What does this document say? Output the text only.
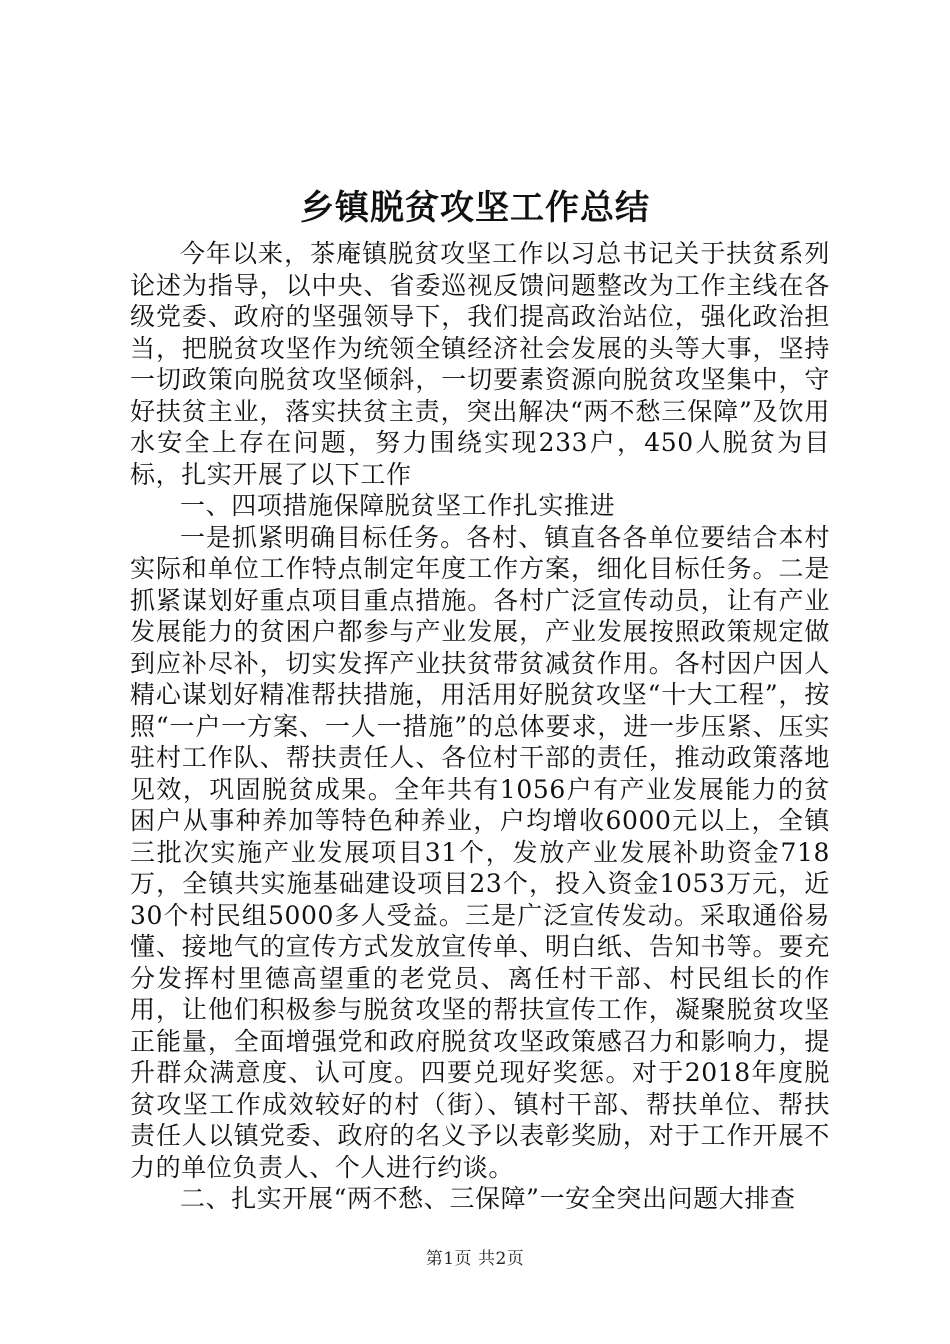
乡镇脱贫攻坚工作总结

今年以来，茶庵镇脱贫攻坚工作以习总书记关于扶贫系列论述为指导，以中央、省委巡视反馈问题整改为工作主线在各级党委、政府的坚强领导下，我们提高政治站位，强化政治担当，把脱贫攻坚作为统领全镇经济社会发展的头等大事，坚持一切政策向脱贫攻坚倾斜，一切要素资源向脱贫攻坚集中，守好扶贫主业，落实扶贫主责，突出解决“两不愁三保障”及饮用水安全上存在问题，努力围绕实现233户，450人脱贫为目标，扎实开展了以下工作

一、四项措施保障脱贫坚工作扎实推进

一是抓紧明确目标任务。各村、镇直各各单位要结合本村实际和单位工作特点制定年度工作方案，细化目标任务。二是抓紧谋划好重点项目重点措施。各村广泛宣传动员，让有产业发展能力的贫困户都参与产业发展，产业发展按照政策规定做到应补尽补，切实发挥产业扶贫带贫减贫作用。各村因户因人精心谋划好精准帮扶措施，用活用好脱贫攻坚“十大工程”，按照“一户一方案、一人一措施”的总体要求，进一步压紧、压实驻村工作队、帮扶责任人、各位村干部的责任，推动政策落地见效，巩固脱贫成果。全年共有1056户有产业发展能力的贫困户从事种养加等特色种养业，户均增收6000元以上，全镇三批次实施产业发展项目31个，发放产业发展补助资金718万，全镇共实施基础建设项目23个，投入资金1053万元，近30个村民组5000多人受益。三是广泛宣传发动。采取通俗易懂、接地气的宣传方式发放宣传单、明白纸、告知书等。要充分发挥村里德高望重的老党员、离任村干部、村民组长的作用，让他们积极参与脱贫攻坚的帮扶宣传工作，凝聚脱贫攻坚正能量，全面增强党和政府脱贫攻坚政策感召力和影响力，提升群众满意度、认可度。四要兑现好奖惩。对于2018年度脱贫攻坚工作成效较好的村（街）、镇村干部、帮扶单位、帮扶责任人以镇党委、政府的名义予以表彰奖励，对于工作开展不力的单位负责人、个人进行约谈。

二、扎实开展“两不愁、三保障”一安全突出问题大排查

第1页 共2页
